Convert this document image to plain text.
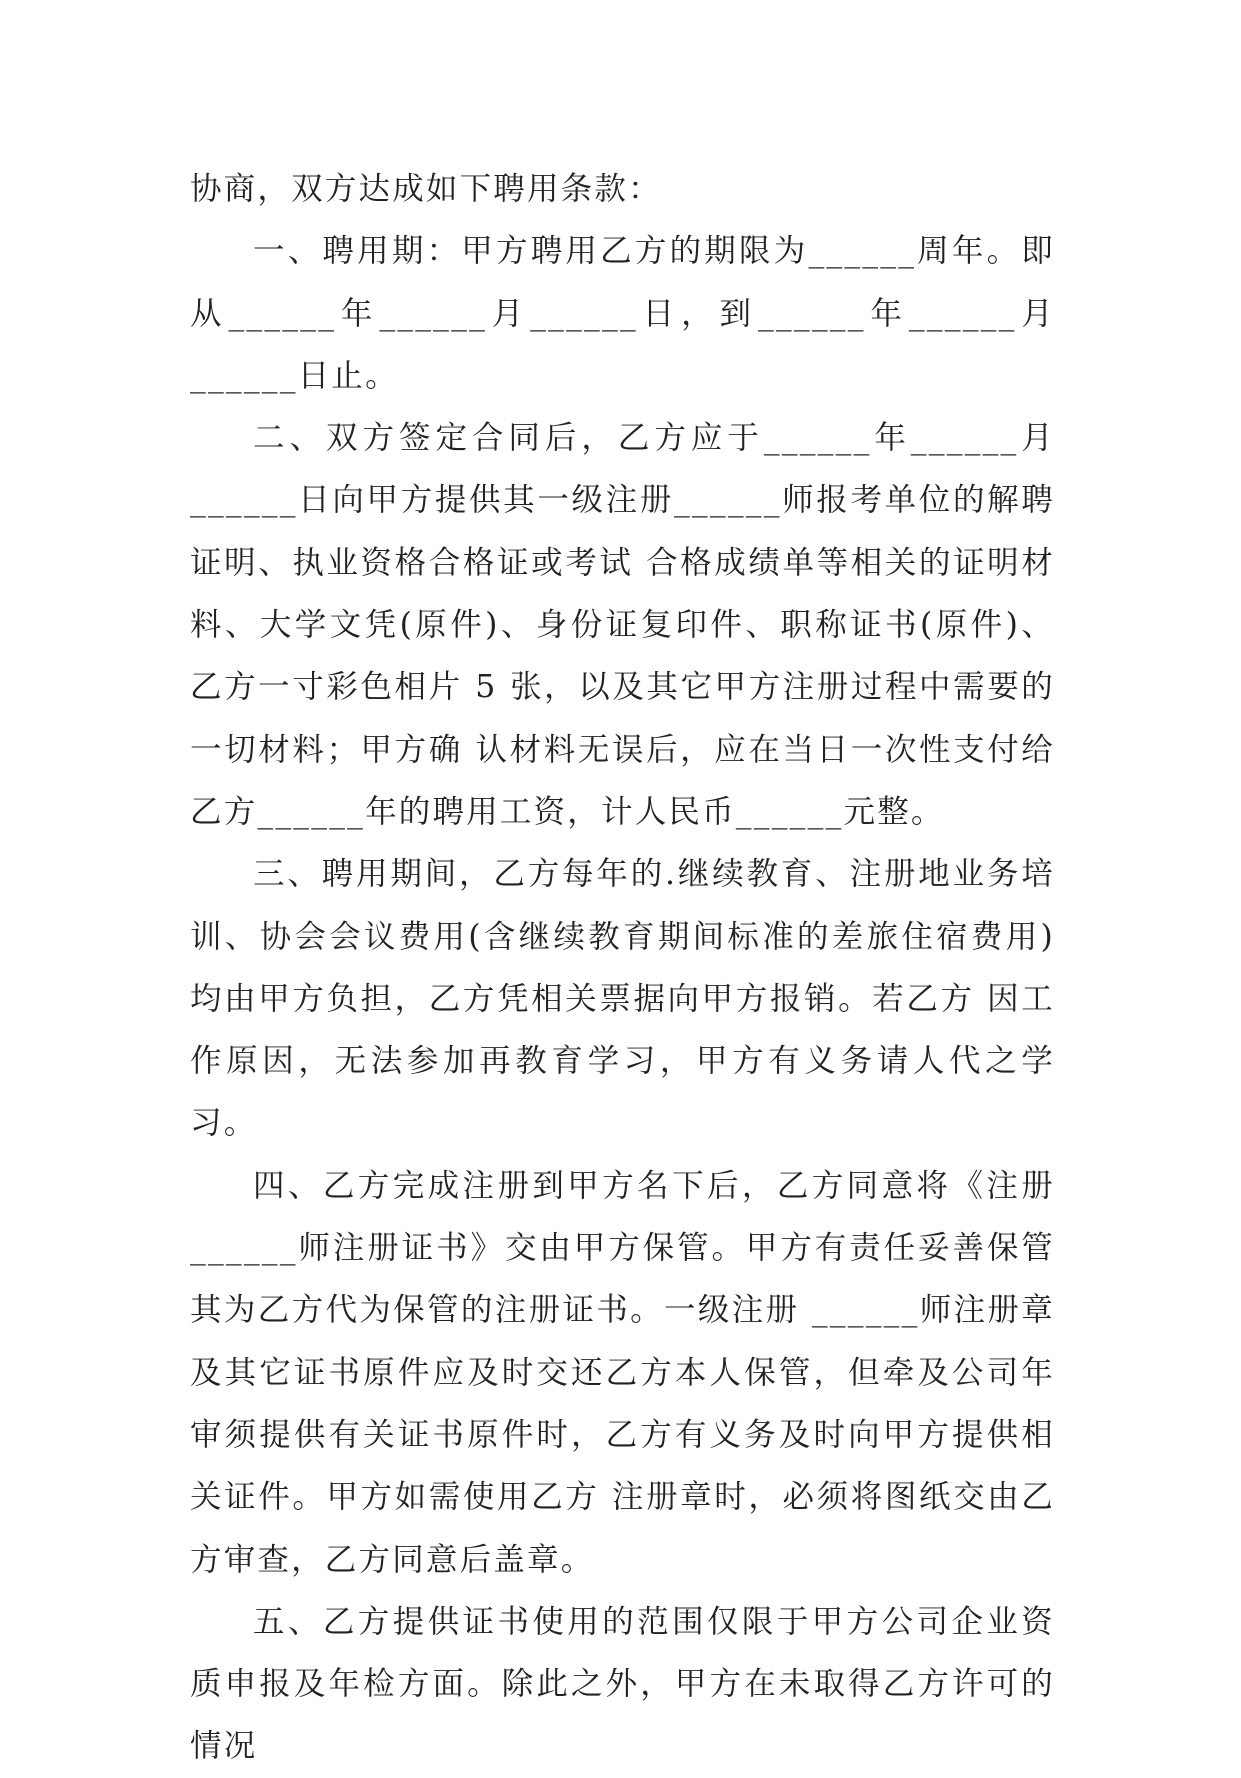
协商，双方达成如下聘用条款：

一、聘用期：甲方聘用乙方的期限为______周年。即从______年______月______日，到______年______月______日止。

二、双方签定合同后，乙方应于______年______月______日向甲方提供其一级注册______师报考单位的解聘证明、执业资格合格证或考试 合格成绩单等相关的证明材料、大学文凭(原件)、身份证复印件、职称证书(原件)、乙方一寸彩色相片 5 张，以及其它甲方注册过程中需要的一切材料；甲方确 认材料无误后，应在当日一次性支付给乙方______年的聘用工资，计人民币______元整。

三、聘用期间，乙方每年的.继续教育、注册地业务培训、协会会议费用(含继续教育期间标准的差旅住宿费用)均由甲方负担，乙方凭相关票据向甲方报销。若乙方 因工作原因，无法参加再教育学习，甲方有义务请人代之学习。

四、乙方完成注册到甲方名下后，乙方同意将《注册______师注册证书》交由甲方保管。甲方有责任妥善保管其为乙方代为保管的注册证书。一级注册 ______师注册章及其它证书原件应及时交还乙方本人保管，但牵及公司年审须提供有关证书原件时，乙方有义务及时向甲方提供相关证件。甲方如需使用乙方 注册章时，必须将图纸交由乙方审查，乙方同意后盖章。

五、乙方提供证书使用的范围仅限于甲方公司企业资质申报及年检方面。除此之外，甲方在未取得乙方许可的情况
